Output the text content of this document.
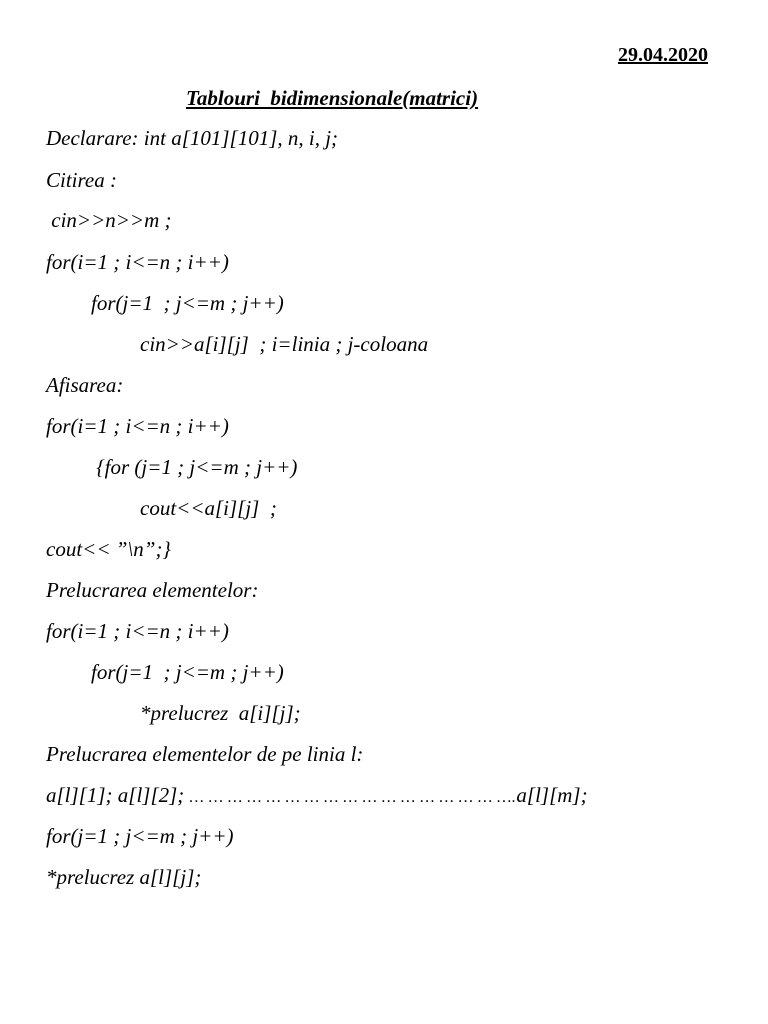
29.04.2020
Tablouri  bidimensionale(matrici)
Declarare: int a[101][101], n, i, j;
Citirea :
cin>>n>>m ;
for(i=1 ; i<=n ; i++)
for(j=1  ; j<=m ; j++)
cin>>a[i][j]  ; i=linia ; j-coloana
Afisarea:
for(i=1 ; i<=n ; i++)
{for (j=1 ; j<=m ; j++)
cout<<a[i][j]  ;
cout<< ”\n”;}
Prelucrarea elementelor:
for(i=1 ; i<=n ; i++)
for(j=1  ; j<=m ; j++)
*prelucrez  a[i][j];
Prelucrarea elementelor de pe linia l:
a[l][1]; a[l][2]; … … … … … … … … … … … … … … … … ….a[l][m];
for(j=1 ; j<=m ; j++)
*prelucrez a[l][j];
